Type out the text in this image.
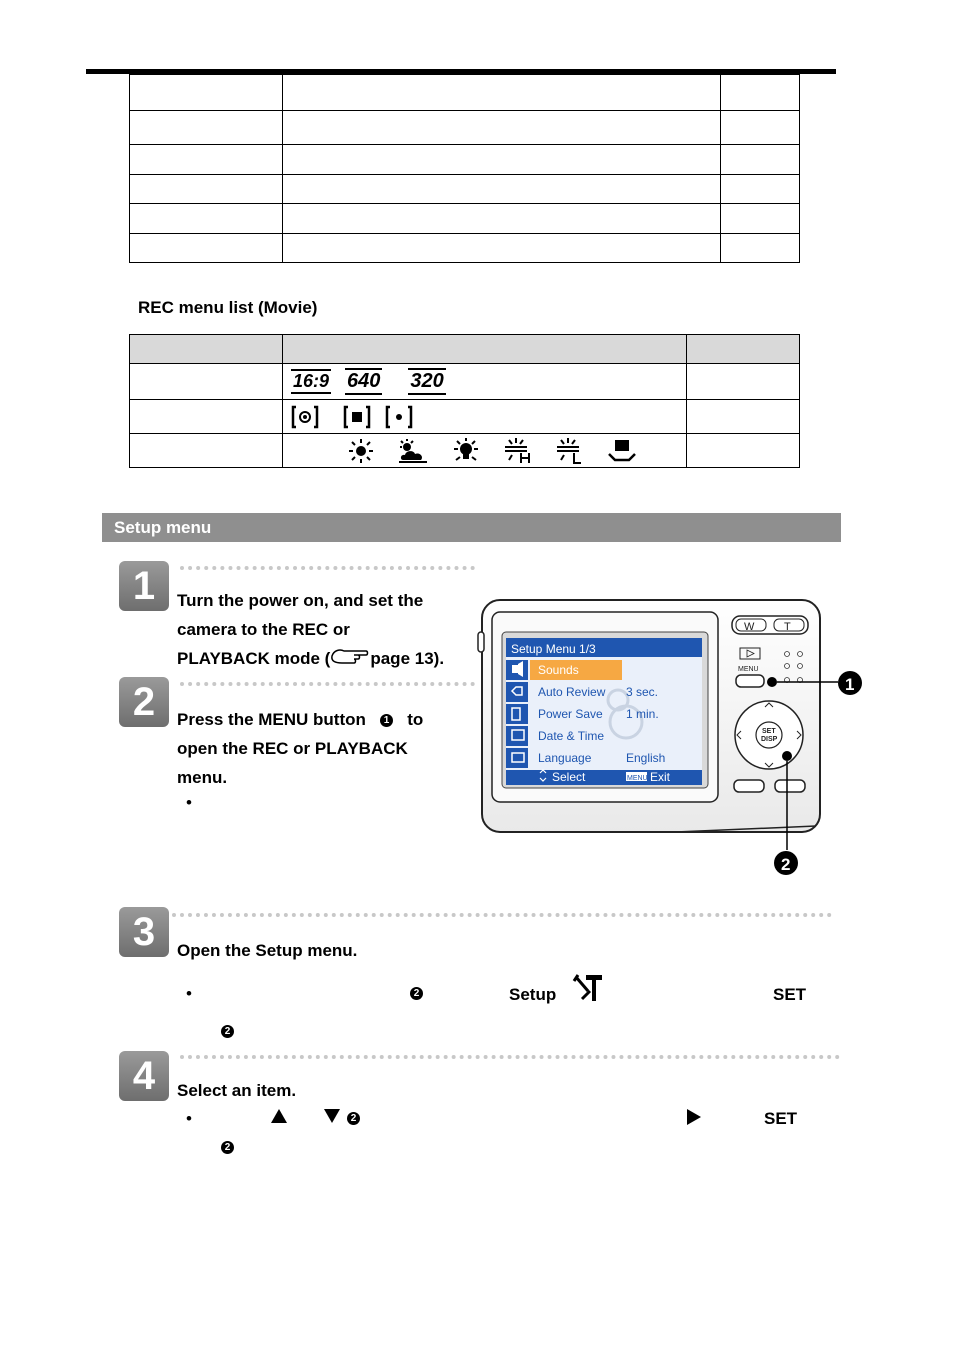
REC menu list (Movie)

	16:9 640 320	

Setup menu
1	Turn the power on, and set the
camera to the REC or
PLAYBACK mode ( page 13).
2	Press the MENU button 1 to
open the REC or PLAYBACK
menu.
•
Setup Menu 1/3
Sounds
Auto Review 3 sec.
Power Save 1 min.
Date & Time
Language	English
Select	MENU Exit
W	T
MENU
SET
DISP
1
2
3	Open the Setup menu.
•	2	Setup	SET
2
4	Select an item.
•	2	SET
2
